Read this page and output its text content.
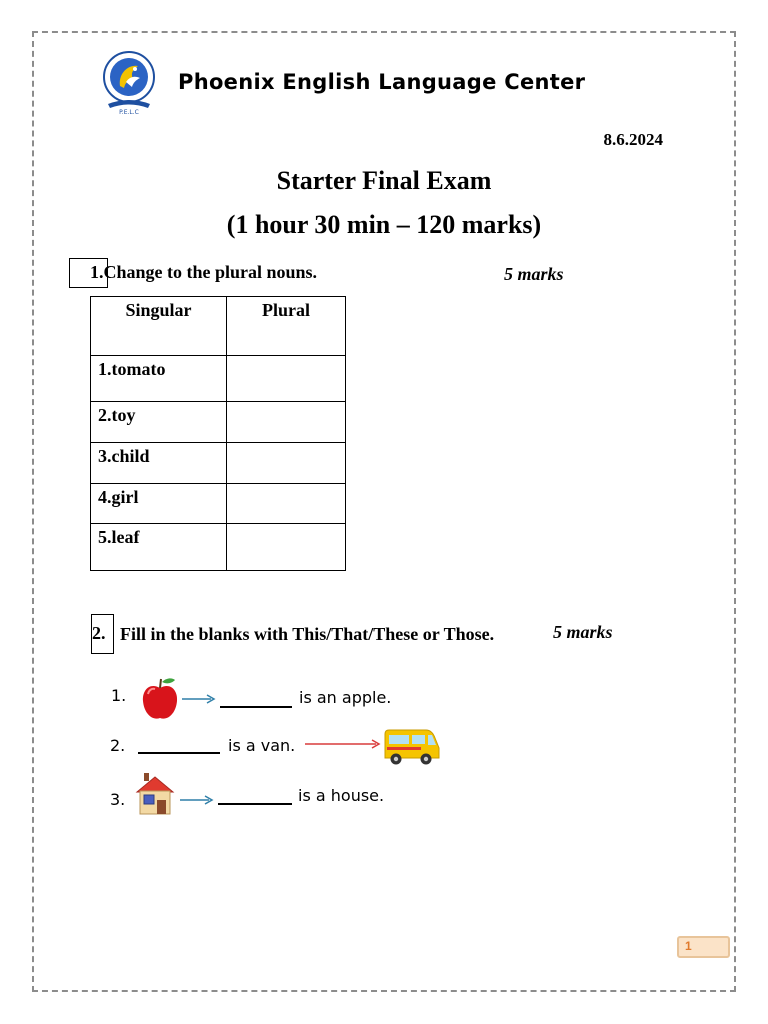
P.E.L.C
Phoenix English Language Center
8.6.2024
Starter Final Exam
(1 hour 30 min – 120 marks)
1.Change to the plural nouns.	5 marks
Singular	Plural
1.tomato	
2.toy	
3.child	
4.girl	
5.leaf	
2. Fill in the blanks with This/That/These or Those.	5 marks
1.	is an apple.
2.	is a van.
3.	is a house.
1
